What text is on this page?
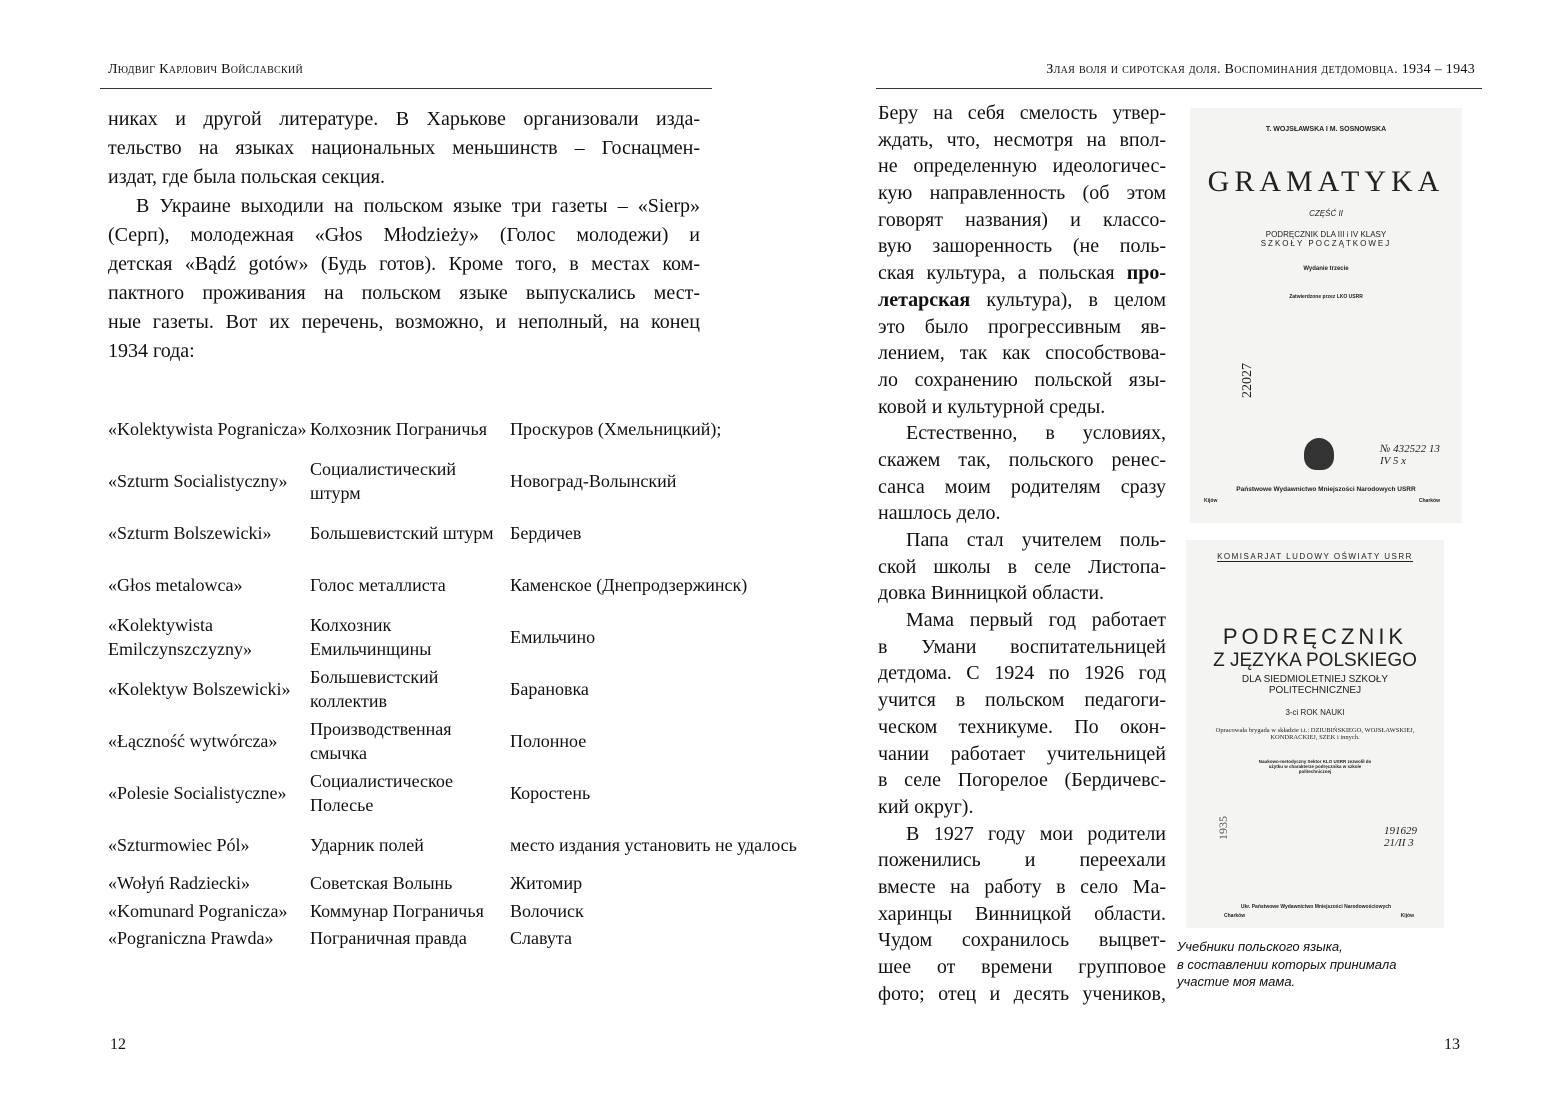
Людвиг Карлович Войславский
никах и другой литературе. В Харькове организовали изда-
тельство на языках национальных меньшинств – Госнацмен-
издат, где была польская секция.
В Украине выходили на польском языке три газеты – «Sierp»
(Серп), молодежная «Głos Młodzieży» (Голос молодежи) и
детская «Bądź gotów» (Будь готов). Кроме того, в местах ком-
пактного проживания на польском языке выпускались мест-
ные газеты. Вот их перечень, возможно, и неполный, на конец
1934 года:
«Kolektywista Pogranicza»	Колхозник Пограничья	Проскуров (Хмельницкий);
«Szturm Socialistyczny»	Социалистический штурм	Новоград-Волынский
«Szturm Bolszewicki»	Большевистский штурм	Бердичев
«Głos metalowca»	Голос металлиста	Каменское (Днепродзержинск)
«Kolektywista Emilczynszczyzny»	Колхозник Емильчинщины	Емильчино
«Kolektyw Bolszewicki»	Большевистский коллектив	Барановка
«Łączność wytwórcza»	Производственная смычка	Полонное
«Polesie Socialistyczne»	Социалистическое Полесье	Коростень
«Szturmowiec Pól»	Ударник полей	место издания установить не удалось
«Wołyń Radziecki»	Советская Волынь	Житомир
«Komunard Pogranicza»	Коммунар Пограничья	Волочиск
«Pograniczna Prawda»	Пограничная правда	Славута
12
Злая воля и сиротская доля. Воспоминания детдомовца. 1934 – 1943
Беру на себя смелость утвер-
ждать, что, несмотря на впол-
не определенную идеологичес-
кую направленность (об этом
говорят названия) и классо-
вую зашоренность (не поль-
ская культура, а польская про-
летарская культура), в целом
это было прогрессивным яв-
лением, так как способствова-
ло сохранению польской язы-
ковой и культурной среды.
Естественно, в условиях,
скажем так, польского ренес-
санса моим родителям сразу
нашлось дело.
Папа стал учителем поль-
ской школы в селе Листопа-
довка Винницкой области.
Мама первый год работает
в Умани воспитательницей
детдома. С 1924 по 1926 год
учится в польском педагоги-
ческом техникуме. По окон-
чании работает учительницей
в селе Погорелое (Бердичевс-
кий округ).
В 1927 году мои родители
поженились и переехали
вместе на работу в село Ма-
харинцы Винницкой области.
Чудом сохранилось выцвет-
шее от времени групповое
фото; отец и десять учеников,
T. WOJSŁAWSKA I M. SOSNOWSKA
GRAMATYKA
CZĘŚĆ II
PODRĘCZNIK DLA III i IV KLASY
SZKOŁY POCZĄTKOWEJ
Wydanie trzecie
Zatwierdzone przez LKO USRR
22027
№ 432522 13 IV 5 x
Państwowe Wydawnictwo Mniejszości Narodowych USRR
Kijów	Charków
KOMISARJAT LUDOWY OŚWIATY USRR
PODRĘCZNIK
Z JĘZYKA POLSKIEGO
DLA SIEDMIOLETNIEJ SZKOŁY
POLITECHNICZNEJ
3-ci ROK NAUKI
Opracowała brygada w składzie t.t.: DZIUBIŃSKIEGO, WOJSŁAWSKIEJ, KONDRACKIEJ, SZEK i innych.
Naukowo-metodyczny Sektor KLO USRR zezwolił do użytku w charakterze podręcznika w szkole politechnicznej
1935	191629 21/II 3
Ukr. Państwowe Wydawnictwo Mniejszości Narodowościowych
Charków	Kijów
Учебники польского языка,
в составлении которых принимала
участие моя мама.
13
